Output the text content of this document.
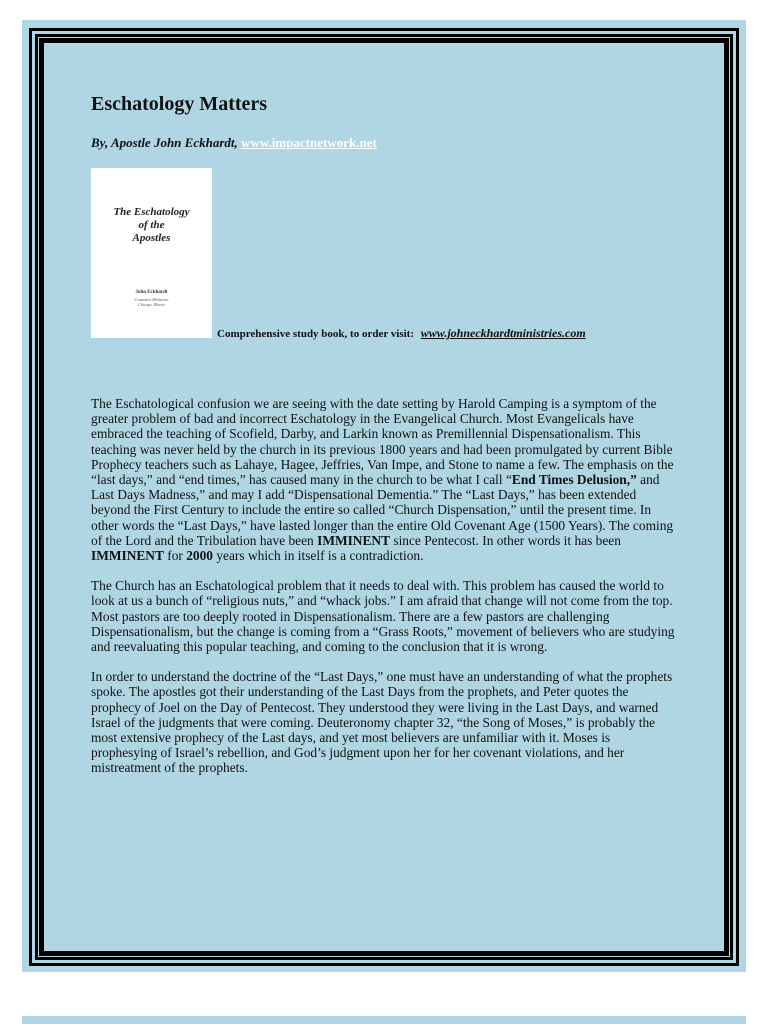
Eschatology Matters
By, Apostle John Eckhardt, www.impactnetwork.net
The Eschatology
of the
Apostles
John Eckhardt
Crusaders Ministries
Chicago, Illinois
Comprehensive study book, to order visit: www.johneckhardtministries.com

The Eschatological confusion we are seeing with the date setting by Harold Camping is a symptom of the greater problem of bad and incorrect Eschatology in the Evangelical Church. Most Evangelicals have embraced the teaching of Scofield, Darby, and Larkin known as Premillennial Dispensationalism. This teaching was never held by the church in its previous 1800 years and had been promulgated by current Bible Prophecy teachers such as Lahaye, Hagee, Jeffries, Van Impe, and Stone to name a few. The emphasis on the “last days,” and “end times,” has caused many in the church to be what I call “End Times Delusion,” and Last Days Madness,” and may I add “Dispensational Dementia.” The “Last Days,” has been extended beyond the First Century to include the entire so called “Church Dispensation,” until the present time. In other words the “Last Days,” have lasted longer than the entire Old Covenant Age (1500 Years). The coming of the Lord and the Tribulation have been IMMINENT since Pentecost. In other words it has been IMMINENT for 2000 years which in itself is a contradiction.

The Church has an Eschatological problem that it needs to deal with. This problem has caused the world to look at us a bunch of “religious nuts,” and “whack jobs.” I am afraid that change will not come from the top. Most pastors are too deeply rooted in Dispensationalism. There are a few pastors are challenging Dispensationalism, but the change is coming from a “Grass Roots,” movement of believers who are studying and reevaluating this popular teaching, and coming to the conclusion that it is wrong.

In order to understand the doctrine of the “Last Days,” one must have an understanding of what the prophets spoke. The apostles got their understanding of the Last Days from the prophets, and Peter quotes the prophecy of Joel on the Day of Pentecost. They understood they were living in the Last Days, and warned Israel of the judgments that were coming. Deuteronomy chapter 32, “the Song of Moses,” is probably the most extensive prophecy of the Last days, and yet most believers are unfamiliar with it. Moses is prophesying of Israel’s rebellion, and God’s judgment upon her for her covenant violations, and her mistreatment of the prophets.
